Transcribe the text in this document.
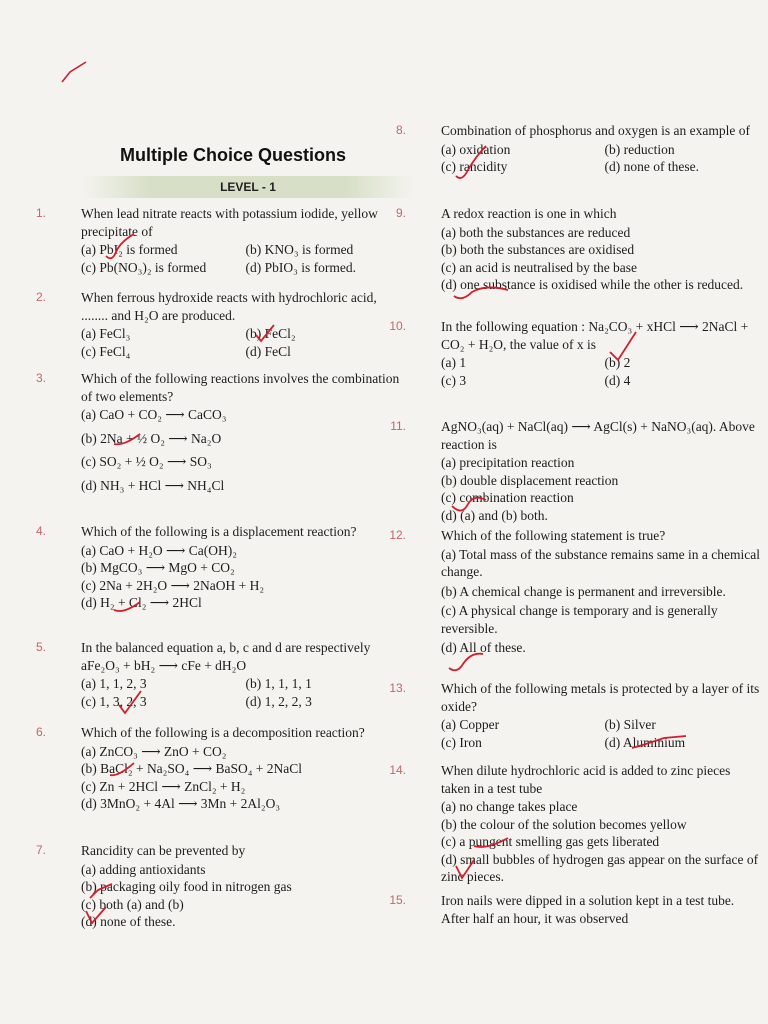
Multiple Choice Questions
LEVEL - 1
1.	When lead nitrate reacts with potassium iodide, yellow precipitate of
(a) PbI₂ is formed	(b) KNO₃ is formed
(c) Pb(NO₃)₂ is formed	(d) PbIO₃ is formed.
2.	When ferrous hydroxide reacts with hydrochloric acid, ........ and H₂O are produced.
(a) FeCl₃	(b) FeCl₂
(c) FeCl₄	(d) FeCl
3.	Which of the following reactions involves the combination of two elements?
(a) CaO + CO₂ ⟶ CaCO₃
(b) 2Na + ½ O₂ ⟶ Na₂O
(c) SO₂ + ½ O₂ ⟶ SO₃
(d) NH₃ + HCl ⟶ NH₄Cl
4.	Which of the following is a displacement reaction?
(a) CaO + H₂O ⟶ Ca(OH)₂
(b) MgCO₃ ⟶ MgO + CO₂
(c) 2Na + 2H₂O ⟶ 2NaOH + H₂
(d) H₂ + Cl₂ ⟶ 2HCl
5.	In the balanced equation a, b, c and d are respectively aFe₂O₃ + bH₂ ⟶ cFe + dH₂O
(a) 1, 1, 2, 3	(b) 1, 1, 1, 1
(c) 1, 3, 2, 3	(d) 1, 2, 2, 3
6.	Which of the following is a decomposition reaction?
(a) ZnCO₃ ⟶ ZnO + CO₂
(b) BaCl₂ + Na₂SO₄ ⟶ BaSO₄ + 2NaCl
(c) Zn + 2HCl ⟶ ZnCl₂ + H₂
(d) 3MnO₂ + 4Al ⟶ 3Mn + 2Al₂O₃
7.	Rancidity can be prevented by
(a) adding antioxidants
(b) packaging oily food in nitrogen gas
(c) both (a) and (b)
(d) none of these.
8.	Combination of phosphorus and oxygen is an example of
(a) oxidation	(b) reduction
(c) rancidity	(d) none of these.
9.	A redox reaction is one in which
(a) both the substances are reduced
(b) both the substances are oxidised
(c) an acid is neutralised by the base
(d) one substance is oxidised while the other is reduced.
10.	In the following equation : Na₂CO₃ + xHCl ⟶ 2NaCl + CO₂ + H₂O, the value of x is
(a) 1	(b) 2
(c) 3	(d) 4
11.	AgNO₃(aq) + NaCl(aq) ⟶ AgCl(s) + NaNO₃(aq). Above reaction is
(a) precipitation reaction
(b) double displacement reaction
(c) combination reaction
(d) (a) and (b) both.
12.	Which of the following statement is true?
(a) Total mass of the substance remains same in a chemical change.
(b) A chemical change is permanent and irreversible.
(c) A physical change is temporary and is generally reversible.
(d) All of these.
13.	Which of the following metals is protected by a layer of its oxide?
(a) Copper	(b) Silver
(c) Iron	(d) Aluminium
14.	When dilute hydrochloric acid is added to zinc pieces taken in a test tube
(a) no change takes place
(b) the colour of the solution becomes yellow
(c) a pungent smelling gas gets liberated
(d) small bubbles of hydrogen gas appear on the surface of zinc pieces.
15.	Iron nails were dipped in a solution kept in a test tube. After half an hour, it was observed
